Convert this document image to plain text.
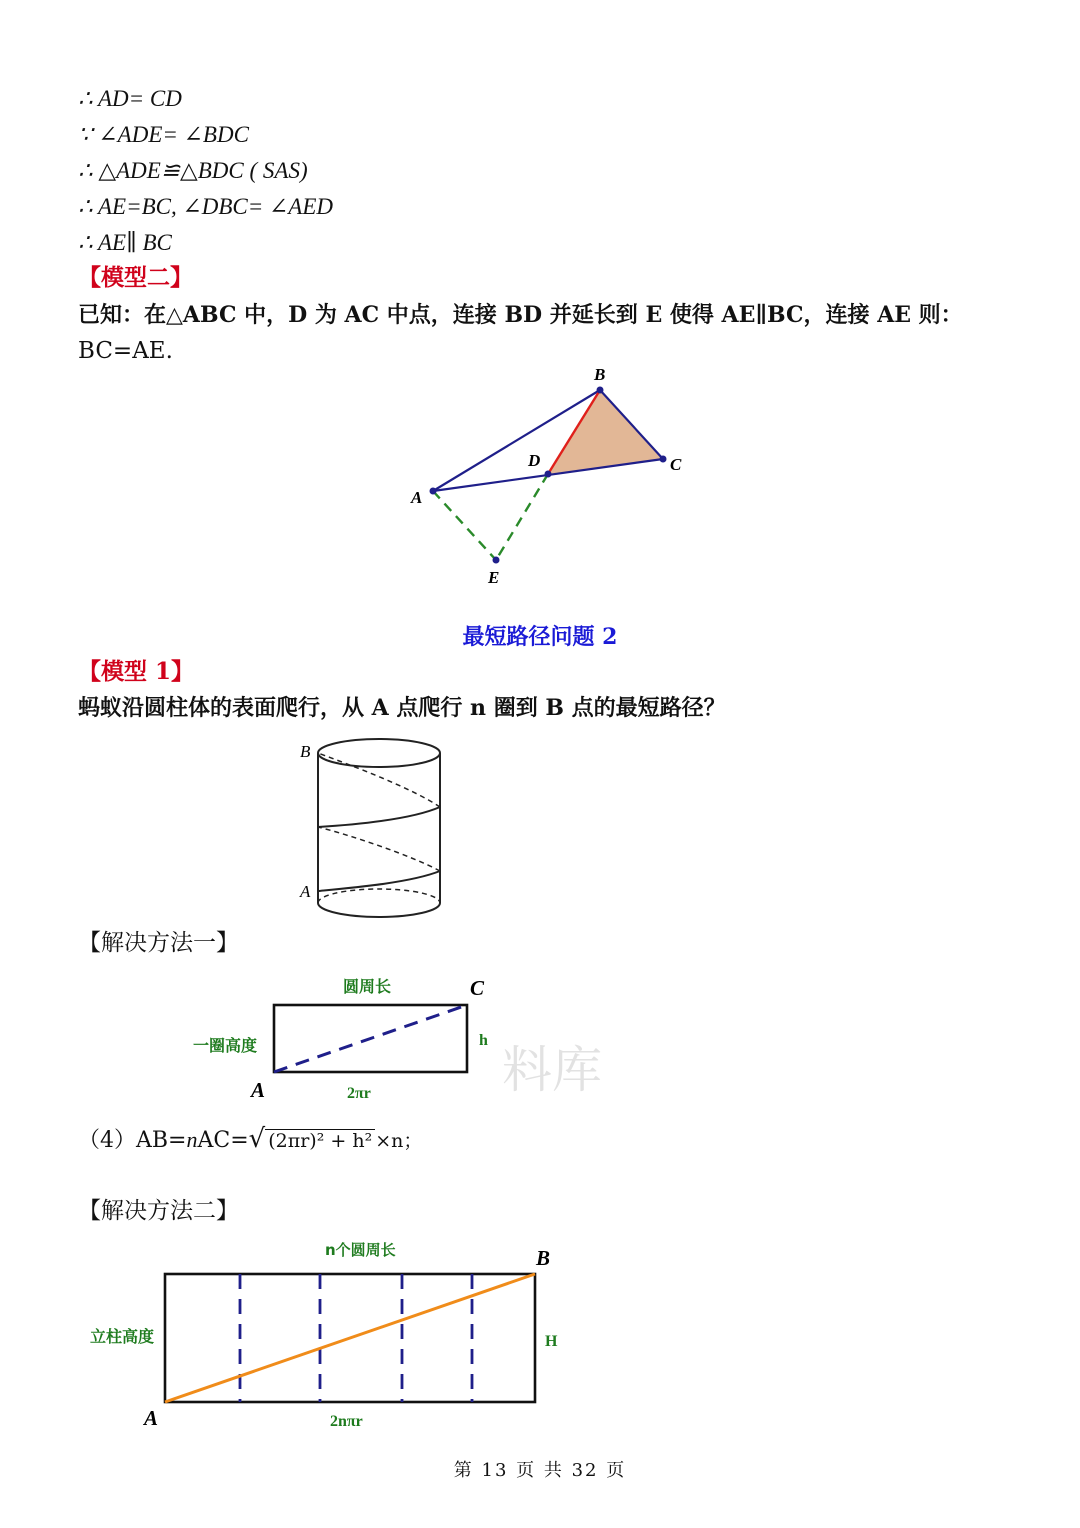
∴ AD= CD
∵ ∠ADE= ∠BDC
∴ △ADE≌△BDC ( SAS)
∴ AE=BC, ∠DBC= ∠AED
∴ AE∥ BC
【模型二】
已知：在△ABC 中，D 为 AC 中点，连接 BD 并延长到 E 使得 AE∥BC，连接 AE 则：
BC=AE.
A
B
C
D
E
最短路径问题 2
【模型 1】
蚂蚁沿圆柱体的表面爬行，从 A 点爬行 n 圈到 B 点的最短路径？
B
A
【解决方法一】
料库
圆周长
一圈高度	h
2πr
A
C
（4）AB=nAC=√ (2πr)² + h² ×n；
【解决方法二】
n个圆周长
立柱高度	H
2nπr
A
B
第 13 页 共 32 页
